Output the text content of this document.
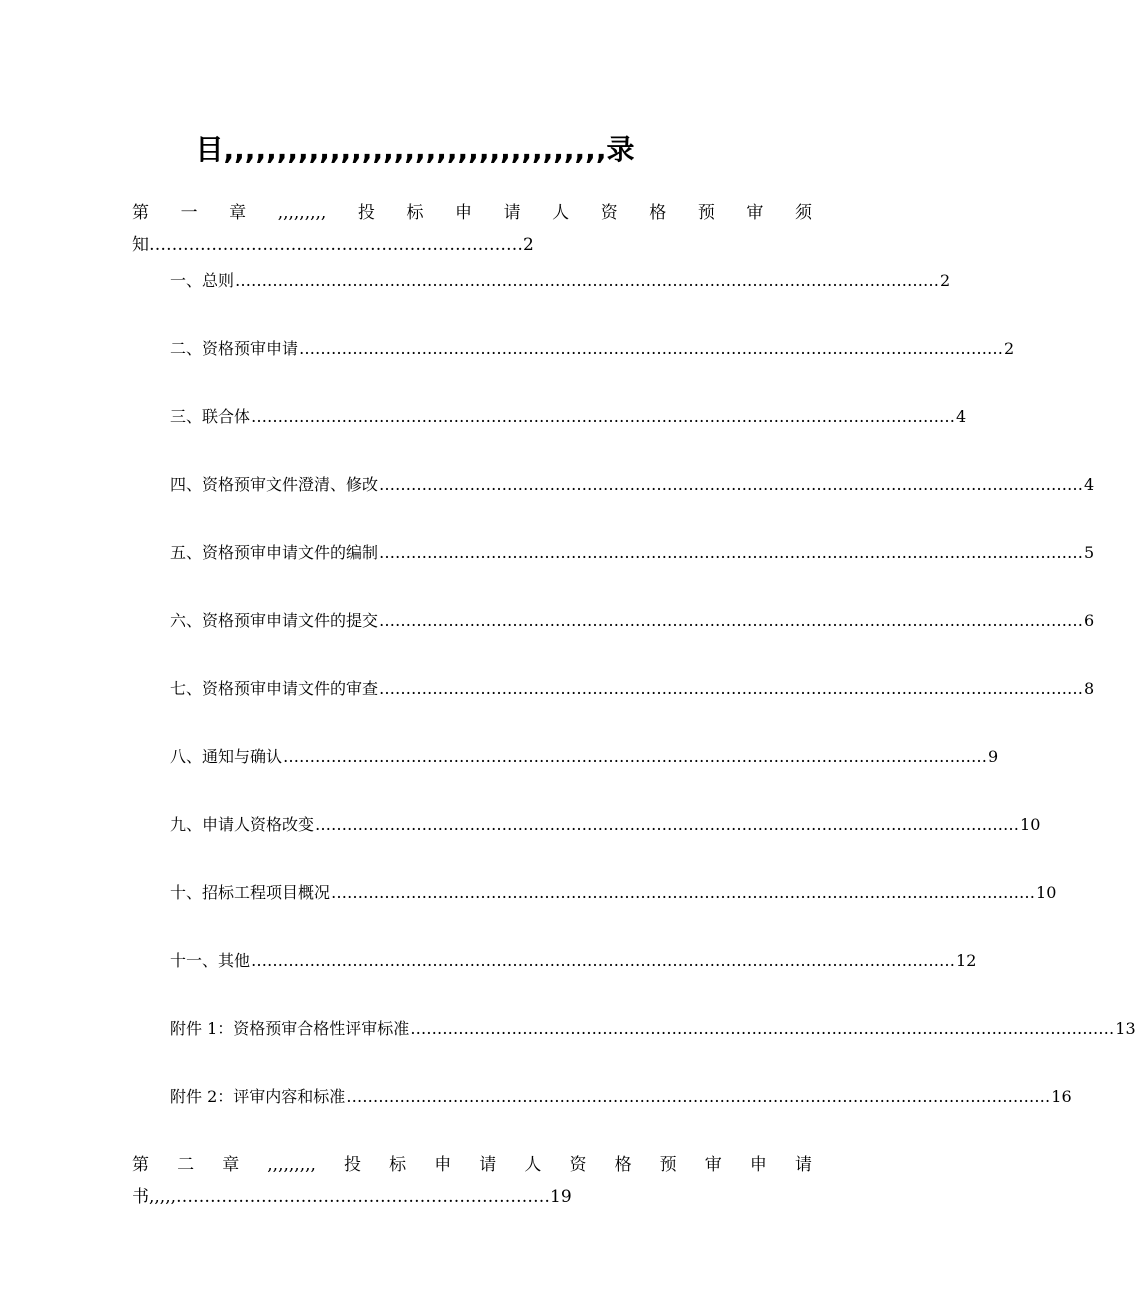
目,,,,,,,,,,,,,,,,,,,,,,,,,,,,,,,,,,,,录
第 一 章 ,,,,,,,,, 投 标 申 请 人 资 格 预 审 须
知…………………………………………………………2
一、总则 …………………………………………………………………………………………………………………… 2
二、资格预审申请 …………………………………………………………………………………………………………………… 2
三、联合体 …………………………………………………………………………………………………………………… 4
四、资格预审文件澄清、修改 …………………………………………………………………………………………………………………… 4
五、资格预审申请文件的编制 …………………………………………………………………………………………………………………… 5
六、资格预审申请文件的提交 …………………………………………………………………………………………………………………… 6
七、资格预审申请文件的审查 …………………………………………………………………………………………………………………… 8
八、通知与确认 …………………………………………………………………………………………………………………… 9
九、申请人资格改变 …………………………………………………………………………………………………………………… 10
十、招标工程项目概况 …………………………………………………………………………………………………………………… 10
十一、其他 …………………………………………………………………………………………………………………… 12
附件 1：资格预审合格性评审标准 …………………………………………………………………………………………………………………… 13
附件 2：评审内容和标准 …………………………………………………………………………………………………………………… 16
第 二 章 ,,,,,,,,, 投 标 申 请 人 资 格 预 审 申 请
书,,,,,…………………………………………………………19
